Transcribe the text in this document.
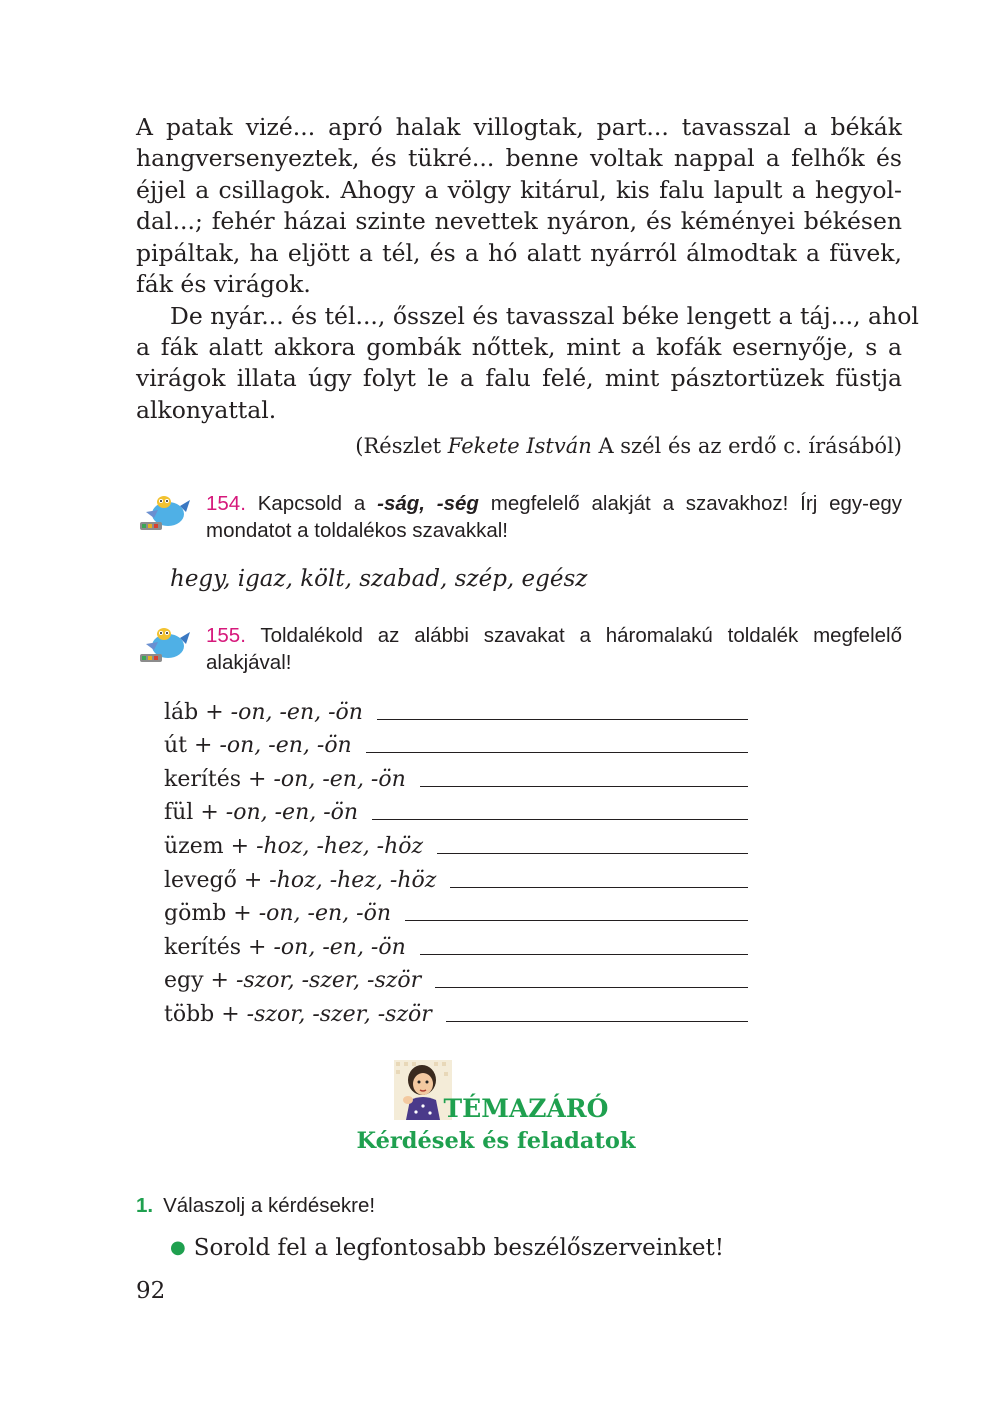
A patak vizé... apró halak villogtak, part... tavasszal a békák
hangversenyeztek, és tükré... benne voltak nappal a felhők és
éjjel a csillagok. Ahogy a völgy kitárul, kis falu lapult a hegyol-
dal...; fehér házai szinte nevettek nyáron, és kéményei békésen
pipáltak, ha eljött a tél, és a hó alatt nyárról álmodtak a füvek,
fák és virágok.
De nyár... és tél..., ősszel és tavasszal béke lengett a táj..., ahol
a fák alatt akkora gombák nőttek, mint a kofák esernyője, s a
virágok illata úgy folyt le a falu felé, mint pásztortüzek füstja
alkonyattal.
(Részlet Fekete István A szél és az erdő c. írásából)
154. Kapcsold a -ság, -ség megfelelő alakját a szavakhoz! Írj egy-egy mondatot a toldalékos szavakkal!
hegy, igaz, költ, szabad, szép, egész
155. Toldalékold az alábbi szavakat a háromalakú toldalék megfelelő alakjával!
láb + -on, -en, -ön
út + -on, -en, -ön
kerítés + -on, -en, -ön
fül + -on, -en, -ön
üzem + -hoz, -hez, -höz
levegő + -hoz, -hez, -höz
gömb + -on, -en, -ön
kerítés + -on, -en, -ön
egy + -szor, -szer, -ször
több + -szor, -szer, -ször
TÉMAZÁRÓ
Kérdések és feladatok
1. Válaszolj a kérdésekre!
● Sorold fel a legfontosabb beszélőszerveinket!
92
